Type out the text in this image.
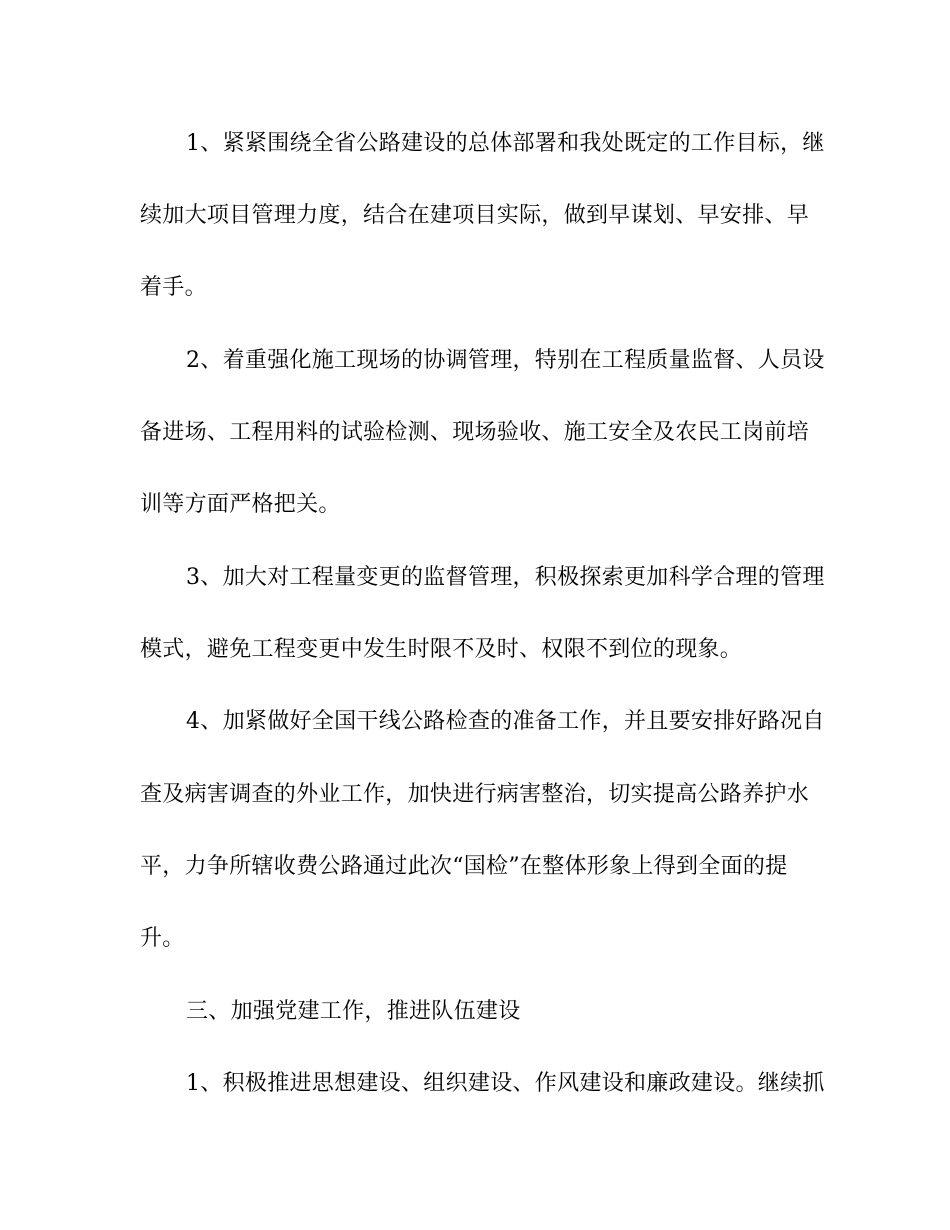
1、紧紧围绕全省公路建设的总体部署和我处既定的工作目标，继

续加大项目管理力度，结合在建项目实际，做到早谋划、早安排、早

着手。

2、着重强化施工现场的协调管理，特别在工程质量监督、人员设

备进场、工程用料的试验检测、现场验收、施工安全及农民工岗前培

训等方面严格把关。

3、加大对工程量变更的监督管理，积极探索更加科学合理的管理

模式，避免工程变更中发生时限不及时、权限不到位的现象。

4、加紧做好全国干线公路检查的准备工作，并且要安排好路况自

查及病害调查的外业工作，加快进行病害整治，切实提高公路养护水

平，力争所辖收费公路通过此次“国检”在整体形象上得到全面的提

升。

三、加强党建工作，推进队伍建设

1、积极推进思想建设、组织建设、作风建设和廉政建设。继续抓
